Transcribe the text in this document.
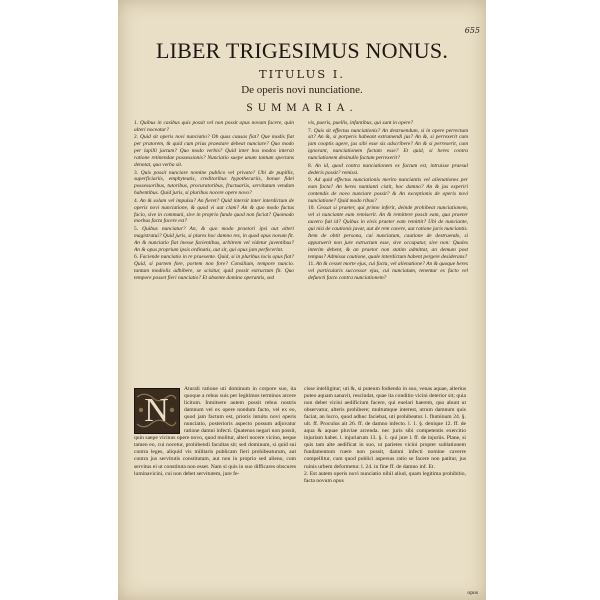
655
LIBER TRIGESIMUS NONUS.
TITULUS I.
De operis novi nunciatione.
SUMMARIA.

1. Quibus in casibus quis possit vel non possit opus novum facere, quin alteri noceatur?

2. Quid sit operis novi nunciatio? Ob quas causas fiat? Que modis fiat per pratorem, & quid cum prius praestare debeat nunciare? Quo modo per lapilli jactum? Quo modo verbis? Quid inter hos modos intersit ratione retinendae possessionis? Nunciatio saepe unum tantum spectans denotat, qua verba sit.

3. Quis possit nunciare nomine publico vel privato? Ubi de pupillis, superficiariis, emphyteutis, creditoribus hypothecariis, bonae fidei possessoribus, tutoribus, procuratoribus, fructuariis, servitutum vendam habentibus. Quid juris, si pluribus nocere opere novo?

4. An & solam vel impulsu? An fieret? Quid intersit inter interdictum de operis novi nunciatione, & quod vi aut clam? An & quo modo factus facio, sive in communi, sive in proprio fundo quod non faciat? Quomodo morbus facta facere est?

5. Quibus nunciatur? An, & quo modo praetori ipsi aut alteri magistratui? Quid juris, si plures hoc damno res, in quod opus novum fit. An & nunciatio fiat inesse facientibus, arbitrem vel videtur juventibus? An & opus proprium ipsis ordinatis, aut sit, qui opus jam perfecerint.

6. Faciende nunciatio in re praesente. Quid, si in pluribus locis opus fiat? Quid, si partem fore, portem non fore? Consilium, tempore nuncio. tantum modiolis adhibere, se scisitur, quid possit extructum fit. Quo tempore posset fieri nunciatio? Et absente domino operantis, sed

vis, pueris, puellis, infantibus, qui sunt in opere?

7. Quis sit effectus nunciationis? An destruendum, si in opere perrectum sit? An &, si porperis habeant extrumendi jus? An &, si perrexerit cum jam cooptis agere, jus sibi esse sis adscribere? An & si perrexerit, cum ignorant, nunciationem factam esse? Et quid, si heres contra nunciationem desinullo factum perrexerit?

8. An id, quod contra nunciationem ex factum est, intruisse praesul dederis possit? remissi.

9. Ad quid effectus nunciationis merito nunciantis vel alienationes per eum facta? An heres nuntianti cistit, hoc damno? An & jus experiri contendis de novo nunciare possit? & An exceptionis de operis novi nunciatione? Quid modo ribus?

10. Cessat si praeter, qui primo inferit, deinde prohibeat nunciationem, vel si nunciante eum remiserit. An & remittere possit eam, qua praeter auvero fuit id? Quibus in eivis praeter eam remittit? Ubi de nunciante, qui nisi de cautionis juvat, aut de rem cavere, aut ratione juris nunciantis. Item de obtit persona, cui nunciatum, cautione de destruendo, si apparuerit non jure extructum esse, sive occupatur, sive non: Quales interim debent, & an praetor non statim admittat, an demum post tempus? Admissa cautione, quale interdictum habent pergere desiderans?

11. An & cesset morte ejus, cui facta, vel alienatione? An & quoque heres vel particularis successor ejus, cui nunciatum, tenentur ex facto vel defuncti facto contra nunciationem?

N

Aturali ratione uti dominum in corpore suo, ita quoque a rebus suis per legitimos terminos arcere licitum. Inmitsere autem possit rebus nostris damnum vel ex opere nondum facto, vel ex eo, quod jam factum est, prioris intuitu novi operis nunciatio, posterioris aspecto possum adjuvatur ratione damni infecti. Quatenus negari non possit, quin saepe vicinus opere novo, quod molitur, alteri nocere vicino, neque tamen eo, cui nocetur, prohibendi facultas sit; sed dominum, si quid sui contra leges, aliquid vis militaris publicam fieri prohibeaturum, aut contra jus servitutis constitutam, aut non in proprio sed alieno, cum servitus ei ut constituta non esset. Nam si quis in suo difficares obscures luminavicini, cui non debet servitutem, jure fe-

cisse intelligitur; uti &, si puteum fodiendo in suo, venas aquae, alterius puteo aquam sanavit, rescindat, quae ita conditio vicini deterior sit; quia non debet vicini aedificium facere, qui euelari haerem, quo abunt ut observatur, alteris prohibere; multumque interest, utrum damnum quis faciat, an lucro, quod adhuc faciebat, uti prohibeatur. l. fluminum 24. §. ult. ff. Proculus ait 26. ff. de damno infecto. l. 1. §. denique 12. ff. de aqua & aquae pluviae arcenda. nec juris sibi competentis exercitio injuriam habet. l. injuriarum 13. §. 1. qui jure l. ff. de injuriis. Plane, si quis tam alte aedificat in suo, ut parietes vicini propter sublationem fundamentum ruere non possit, damni infecti nomine caverre compellitur, cum quod publici aspersus ratio se facere non patitur, jus ruinis urbem deformetur. l. 24. in fine ff. de damno inf. Et.

2. Est autem operis novi nunciatio nihil aliud, quam legitima prohibitio, facta novum opus

opus
